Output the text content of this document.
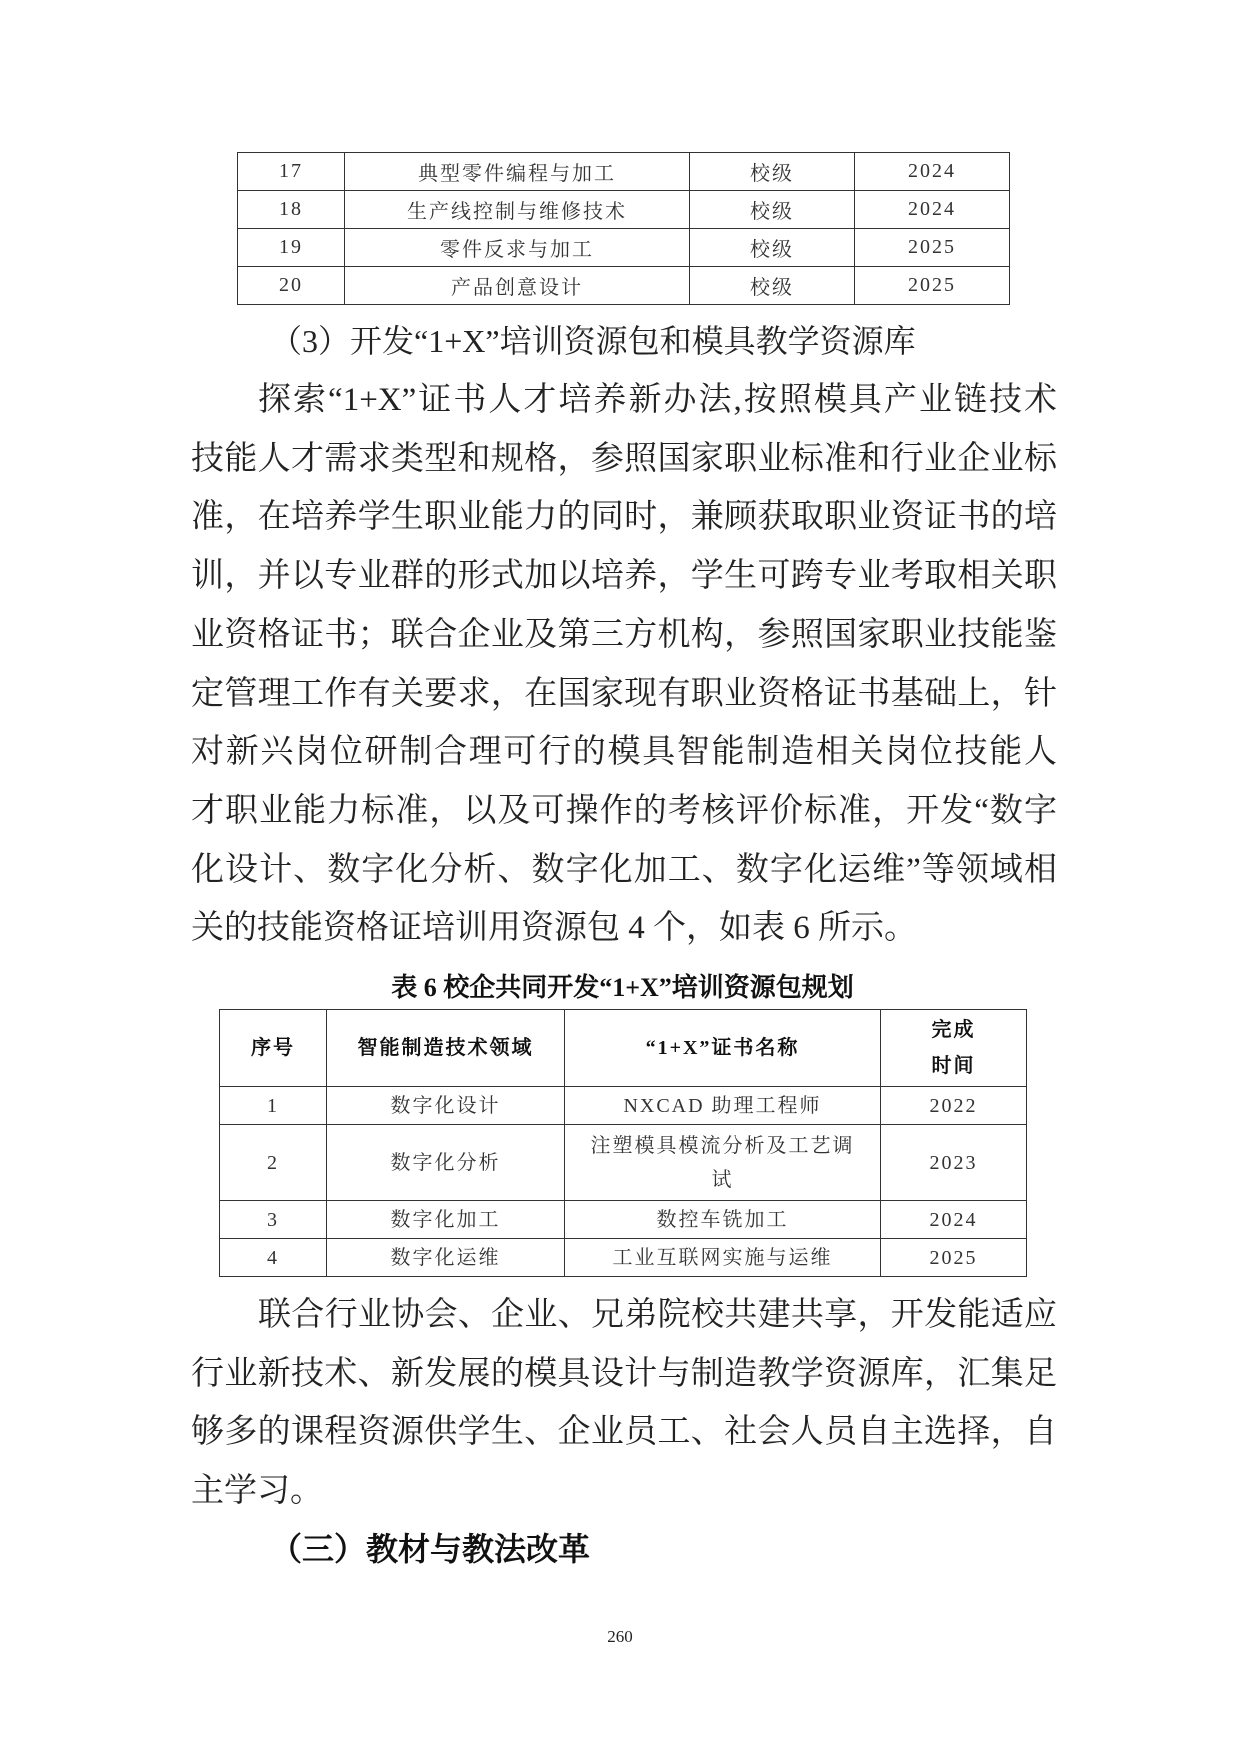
17	典型零件编程与加工	校级	2024
18	生产线控制与维修技术	校级	2024
19	零件反求与加工	校级	2025
20	产品创意设计	校级	2025
（3）开发“1+X”培训资源包和模具教学资源库
探索“1+X”证书人才培养新办法,按照模具产业链技术
技能人才需求类型和规格，参照国家职业标准和行业企业标
准，在培养学生职业能力的同时，兼顾获取职业资证书的培
训，并以专业群的形式加以培养，学生可跨专业考取相关职
业资格证书；联合企业及第三方机构，参照国家职业技能鉴
定管理工作有关要求，在国家现有职业资格证书基础上，针
对新兴岗位研制合理可行的模具智能制造相关岗位技能人
才职业能力标准，以及可操作的考核评价标准，开发“数字
化设计、数字化分析、数字化加工、数字化运维”等领域相
关的技能资格证培训用资源包 4 个，如表 6 所示。
表 6 校企共同开发“1+X”培训资源包规划
序号	智能制造技术领域	“1+X”证书名称	完成时间
1	数字化设计	NXCAD 助理工程师	2022
2	数字化分析	注塑模具模流分析及工艺调试	2023
3	数字化加工	数控车铣加工	2024
4	数字化运维	工业互联网实施与运维	2025
联合行业协会、企业、兄弟院校共建共享，开发能适应
行业新技术、新发展的模具设计与制造教学资源库，汇集足
够多的课程资源供学生、企业员工、社会人员自主选择，自
主学习。
（三）教材与教法改革
260
